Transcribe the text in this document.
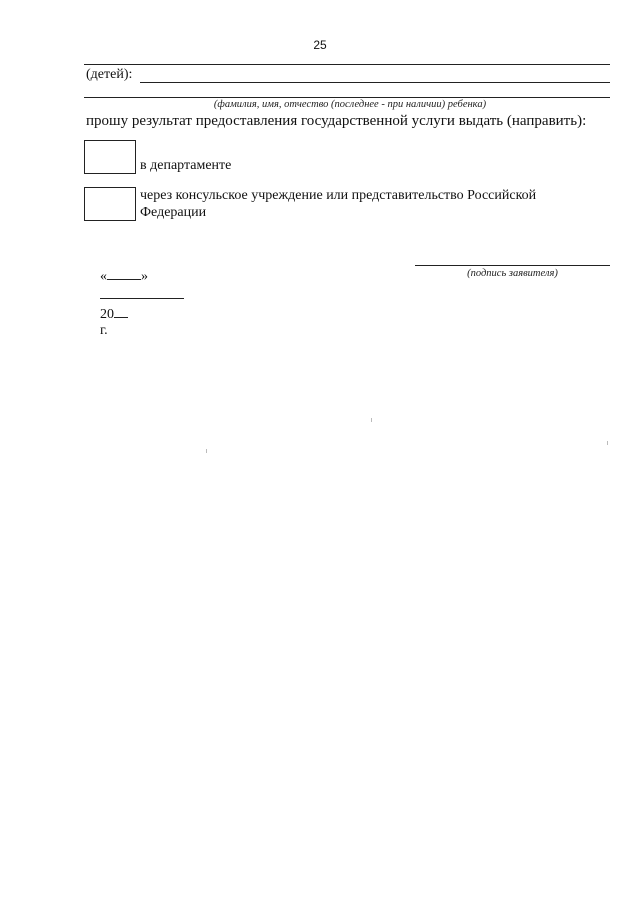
25
(детей):
(фамилия, имя, отчество (последнее - при наличии) ребенка)
прошу результат предоставления государственной услуги выдать (направить):
в департаменте
через консульское учреждение или представительство Российской Федерации

« »

20
г.

(подпись заявителя)
